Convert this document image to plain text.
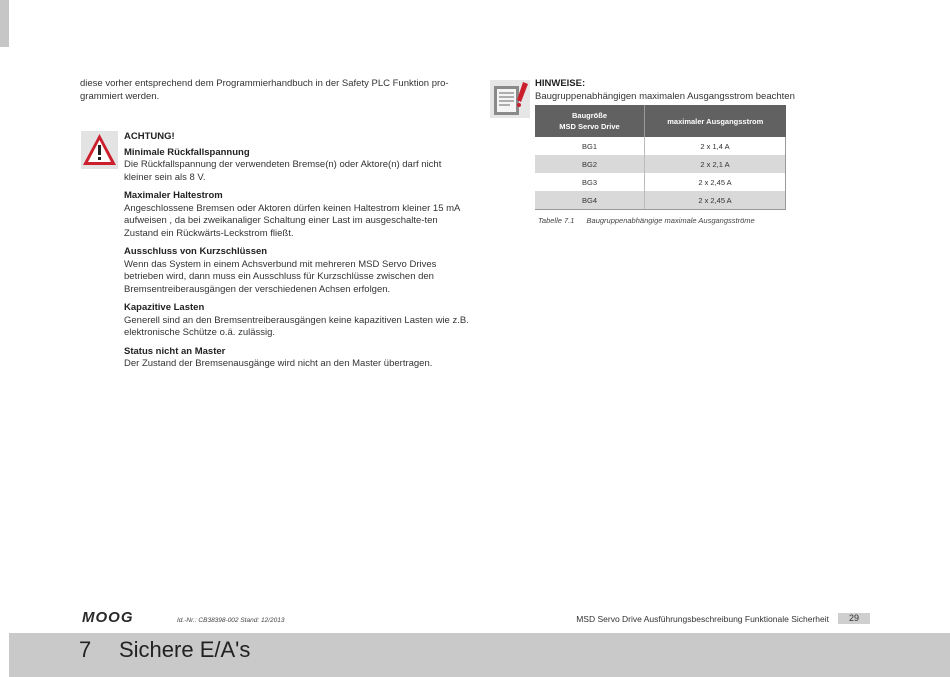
diese vorher entsprechend dem Programmierhandbuch in der Safety PLC Funktion pro-grammiert werden.

ACHTUNG!
Minimale Rückfallspannung
Die Rückfallspannung der verwendeten Bremse(n) oder Aktore(n) darf nicht kleiner sein als 8 V.
Maximaler Haltestrom
Angeschlossene Bremsen oder Aktoren dürfen keinen Haltestrom kleiner 15 mA aufweisen , da bei zweikanaliger Schaltung einer Last im ausgeschalte-ten Zustand ein Rückwärts-Leckstrom fließt.
Ausschluss von Kurzschlüssen
Wenn das System in einem Achsverbund mit mehreren MSD Servo Drives betrieben wird, dann muss ein Ausschluss für Kurzschlüsse zwischen den Bremsentreiberausgängen der verschiedenen Achsen erfolgen.
Kapazitive Lasten
Generell sind an den Bremsentreiberausgängen keine kapazitiven Lasten wie z.B. elektronische Schütze o.ä. zulässig.
Status nicht an Master
Der Zustand der Bremsenausgänge wird nicht an den Master übertragen.
HINWEISE:
Baugruppenabhängigen maximalen Ausgangsstrom beachten
Baugröße
MSD Servo Drive	maximaler Ausgangsstrom
BG1	2 x 1,4 A
BG2	2 x 2,1 A
BG3	2 x 2,45 A
BG4	2 x 2,45 A
Tabelle 7.1 Baugruppenabhängige maximale Ausgangsströme
MOOG	Id.-Nr.: CB38398-002 Stand: 12/2013	MSD Servo Drive Ausführungsbeschreibung Funktionale Sicherheit	29
7 Sichere E/A's
